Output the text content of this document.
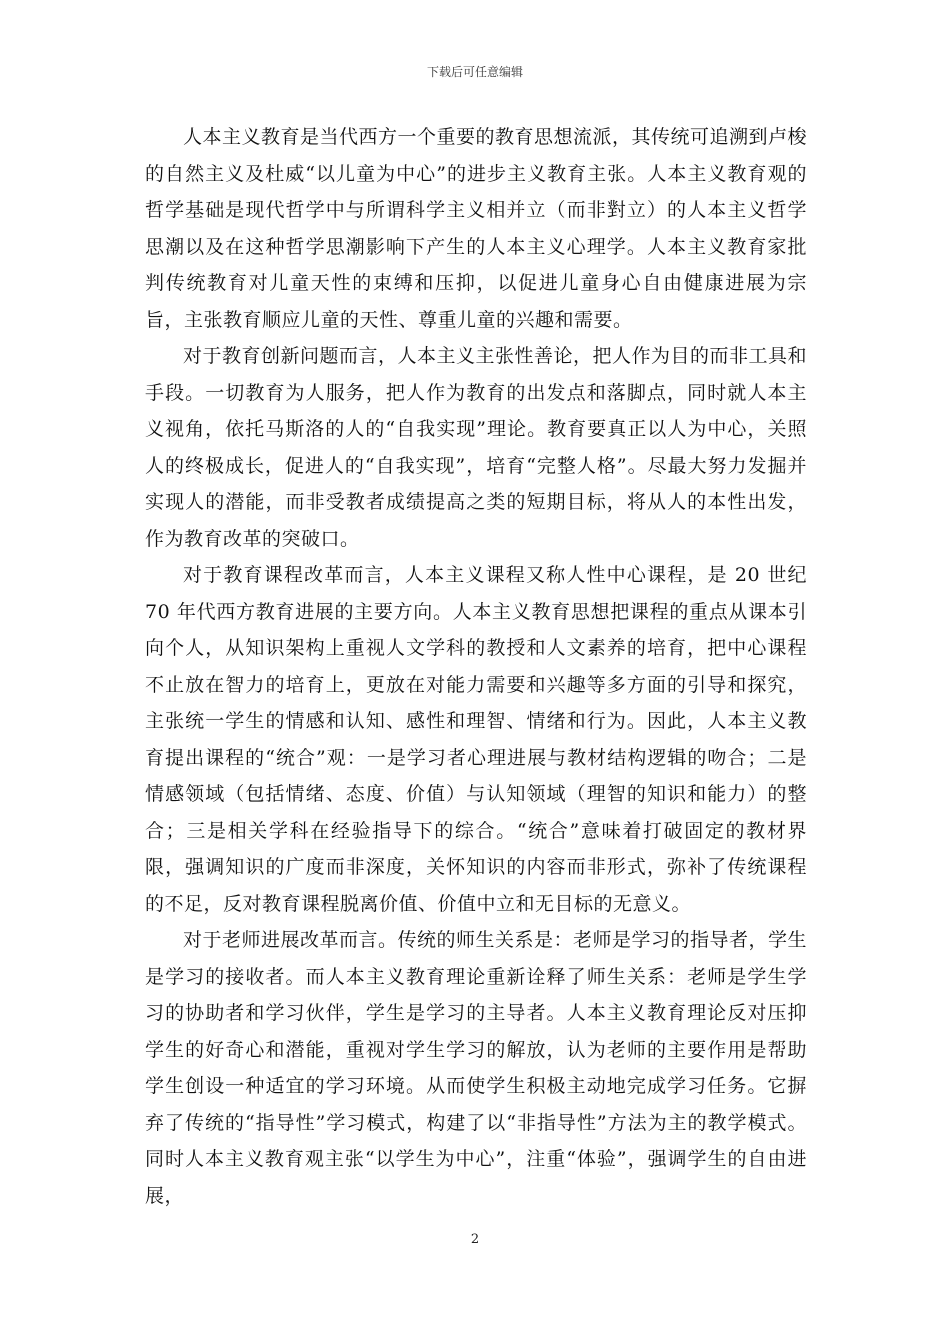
下载后可任意编辑

人本主义教育是当代西方一个重要的教育思想流派，其传统可追溯到卢梭的自然主义及杜威“以儿童为中心”的进步主义教育主张。人本主义教育观的哲学基础是现代哲学中与所谓科学主义相并立（而非對立）的人本主义哲学思潮以及在这种哲学思潮影响下产生的人本主义心理学。人本主义教育家批判传统教育对儿童天性的束缚和压抑，以促进儿童身心自由健康进展为宗旨，主张教育顺应儿童的天性、尊重儿童的兴趣和需要。

对于教育创新问题而言，人本主义主张性善论，把人作为目的而非工具和手段。一切教育为人服务，把人作为教育的出发点和落脚点，同时就人本主义视角，依托马斯洛的人的“自我实现”理论。教育要真正以人为中心，关照人的终极成长，促进人的“自我实现”，培育“完整人格”。尽最大努力发掘并实现人的潜能，而非受教者成绩提高之类的短期目标，将从人的本性出发，作为教育改革的突破口。

对于教育课程改革而言，人本主义课程又称人性中心课程，是 20 世纪 70 年代西方教育进展的主要方向。人本主义教育思想把课程的重点从课本引向个人，从知识架构上重视人文学科的教授和人文素养的培育，把中心课程不止放在智力的培育上，更放在对能力需要和兴趣等多方面的引导和探究，主张统一学生的情感和认知、感性和理智、情绪和行为。因此，人本主义教育提出课程的“统合”观：一是学习者心理进展与教材结构逻辑的吻合；二是情感领域（包括情绪、态度、价值）与认知领域（理智的知识和能力）的整合；三是相关学科在经验指导下的综合。“统合”意味着打破固定的教材界限，强调知识的广度而非深度，关怀知识的内容而非形式，弥补了传统课程的不足，反对教育课程脱离价值、价值中立和无目标的无意义。

对于老师进展改革而言。传统的师生关系是：老师是学习的指导者，学生是学习的接收者。而人本主义教育理论重新诠释了师生关系：老师是学生学习的协助者和学习伙伴，学生是学习的主导者。人本主义教育理论反对压抑学生的好奇心和潜能，重视对学生学习的解放，认为老师的主要作用是帮助学生创设一种适宜的学习环境。从而使学生积极主动地完成学习任务。它摒弃了传统的“指导性”学习模式，构建了以“非指导性”方法为主的教学模式。同时人本主义教育观主张“以学生为中心”，注重“体验”，强调学生的自由进展，

2
